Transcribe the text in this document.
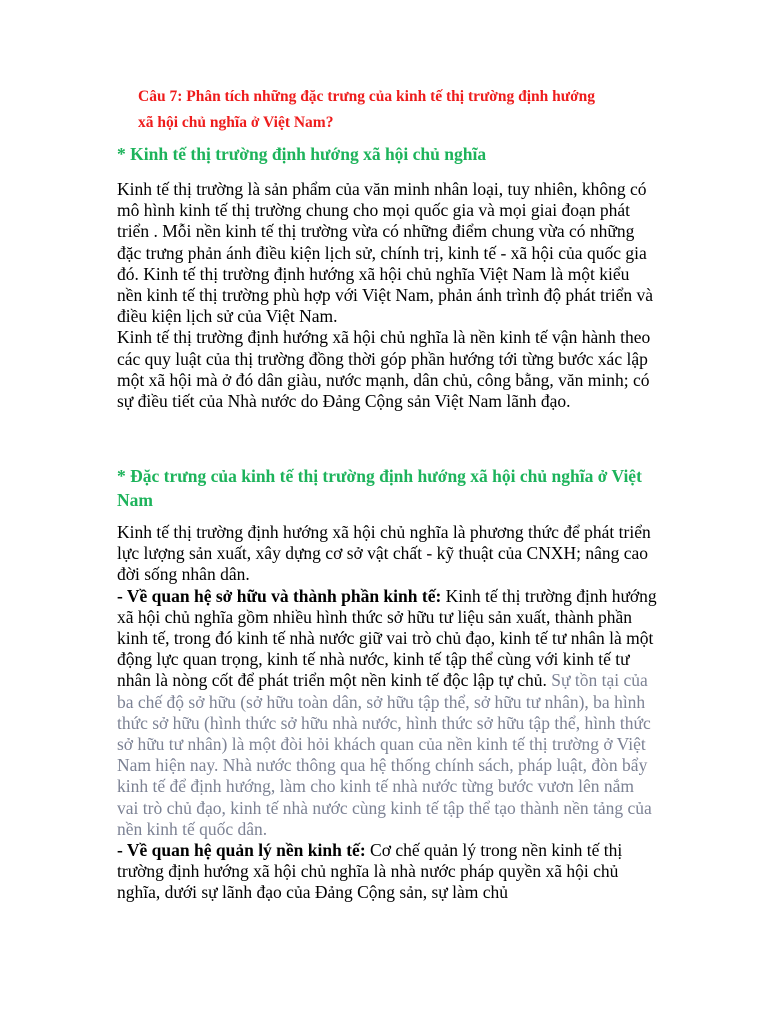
Câu 7: Phân tích những đặc trưng của kinh tế thị trường định hướng
xã hội chủ nghĩa ở Việt Nam?
* Kinh tế thị trường định hướng xã hội chủ nghĩa

Kinh tế thị trường là sản phẩm của văn minh nhân loại, tuy nhiên, không có mô hình kinh tế thị trường chung cho mọi quốc gia và mọi giai đoạn phát triển . Mỗi nền kinh tế thị trường vừa có những điểm chung vừa có những đặc trưng phản ánh điều kiện lịch sử, chính trị, kinh tế - xã hội của quốc gia đó. Kinh tế thị trường định hướng xã hội chủ nghĩa Việt Nam là một kiểu nền kinh tế thị trường phù hợp với Việt Nam, phản ánh trình độ phát triển và điều kiện lịch sử của Việt Nam.

Kinh tế thị trường định hướng xã hội chủ nghĩa là nền kinh tế vận hành theo các quy luật của thị trường đồng thời góp phần hướng tới từng bước xác lập một xã hội mà ở đó dân giàu, nước mạnh, dân chủ, công bằng, văn minh; có sự điều tiết của Nhà nước do Đảng Cộng sản Việt Nam lãnh đạo.

* Đặc trưng của kinh tế thị trường định hướng xã hội chủ nghĩa ở Việt Nam

Kinh tế thị trường định hướng xã hội chủ nghĩa là phương thức để phát triển lực lượng sản xuất, xây dựng cơ sở vật chất - kỹ thuật của CNXH; nâng cao đời sống nhân dân.

- Về quan hệ sở hữu và thành phần kinh tế: Kinh tế thị trường định hướng xã hội chủ nghĩa gồm nhiều hình thức sở hữu tư liệu sản xuất, thành phần kinh tế, trong đó kinh tế nhà nước giữ vai trò chủ đạo, kinh tế tư nhân là một động lực quan trọng, kinh tế nhà nước, kinh tế tập thể cùng với kinh tế tư nhân là nòng cốt để phát triển một nền kinh tế độc lập tự chủ. Sự tồn tại của ba chế độ sở hữu (sở hữu toàn dân, sở hữu tập thể, sở hữu tư nhân), ba hình thức sở hữu (hình thức sở hữu nhà nước, hình thức sở hữu tập thể, hình thức sở hữu tư nhân) là một đòi hỏi khách quan của nền kinh tế thị trường ở Việt Nam hiện nay. Nhà nước thông qua hệ thống chính sách, pháp luật, đòn bẩy kinh tế để định hướng, làm cho kinh tế nhà nước từng bước vươn lên nắm vai trò chủ đạo, kinh tế nhà nước cùng kinh tế tập thể tạo thành nền tảng của nền kinh tế quốc dân.

- Về quan hệ quản lý nền kinh tế: Cơ chế quản lý trong nền kinh tế thị trường định hướng xã hội chủ nghĩa là nhà nước pháp quyền xã hội chủ nghĩa, dưới sự lãnh đạo của Đảng Cộng sản, sự làm chủ
